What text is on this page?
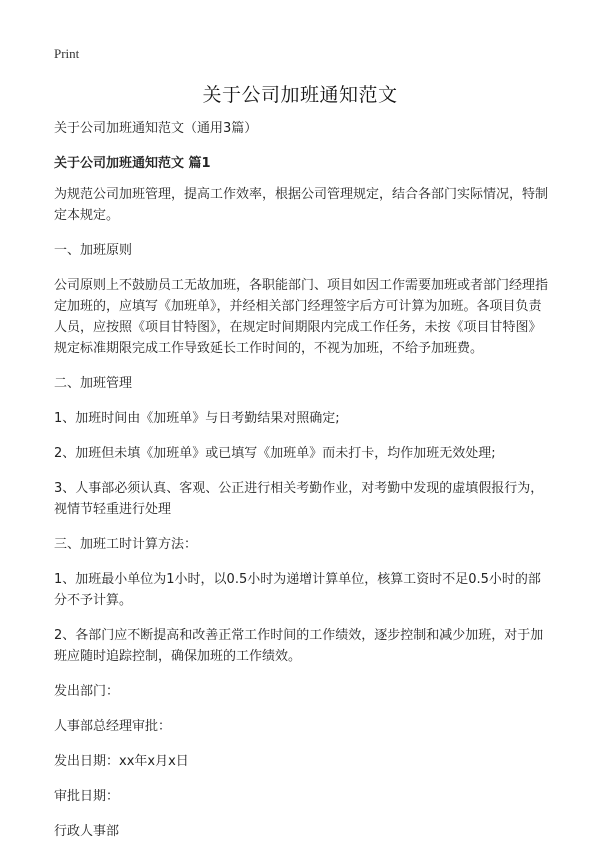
Print
关于公司加班通知范文
关于公司加班通知范文（通用3篇）
关于公司加班通知范文 篇1
为规范公司加班管理，提高工作效率，根据公司管理规定，结合各部门实际情况，特制定本规定。
一、加班原则
公司原则上不鼓励员工无故加班，各职能部门、项目如因工作需要加班或者部门经理指定加班的，应填写《加班单》，并经相关部门经理签字后方可计算为加班。各项目负责人员，应按照《项目甘特图》，在规定时间期限内完成工作任务，未按《项目甘特图》规定标准期限完成工作导致延长工作时间的，不视为加班，不给予加班费。
二、加班管理
1、加班时间由《加班单》与日考勤结果对照确定;
2、加班但未填《加班单》或已填写《加班单》而未打卡，均作加班无效处理;
3、人事部必须认真、客观、公正进行相关考勤作业，对考勤中发现的虚填假报行为，视情节轻重进行处理
三、加班工时计算方法：
1、加班最小单位为1小时，以0.5小时为递增计算单位，核算工资时不足0.5小时的部分不予计算。
2、各部门应不断提高和改善正常工作时间的工作绩效，逐步控制和减少加班，对于加班应随时追踪控制，确保加班的工作绩效。
发出部门：
人事部总经理审批：
发出日期：xx年x月x日
审批日期：
行政人事部
